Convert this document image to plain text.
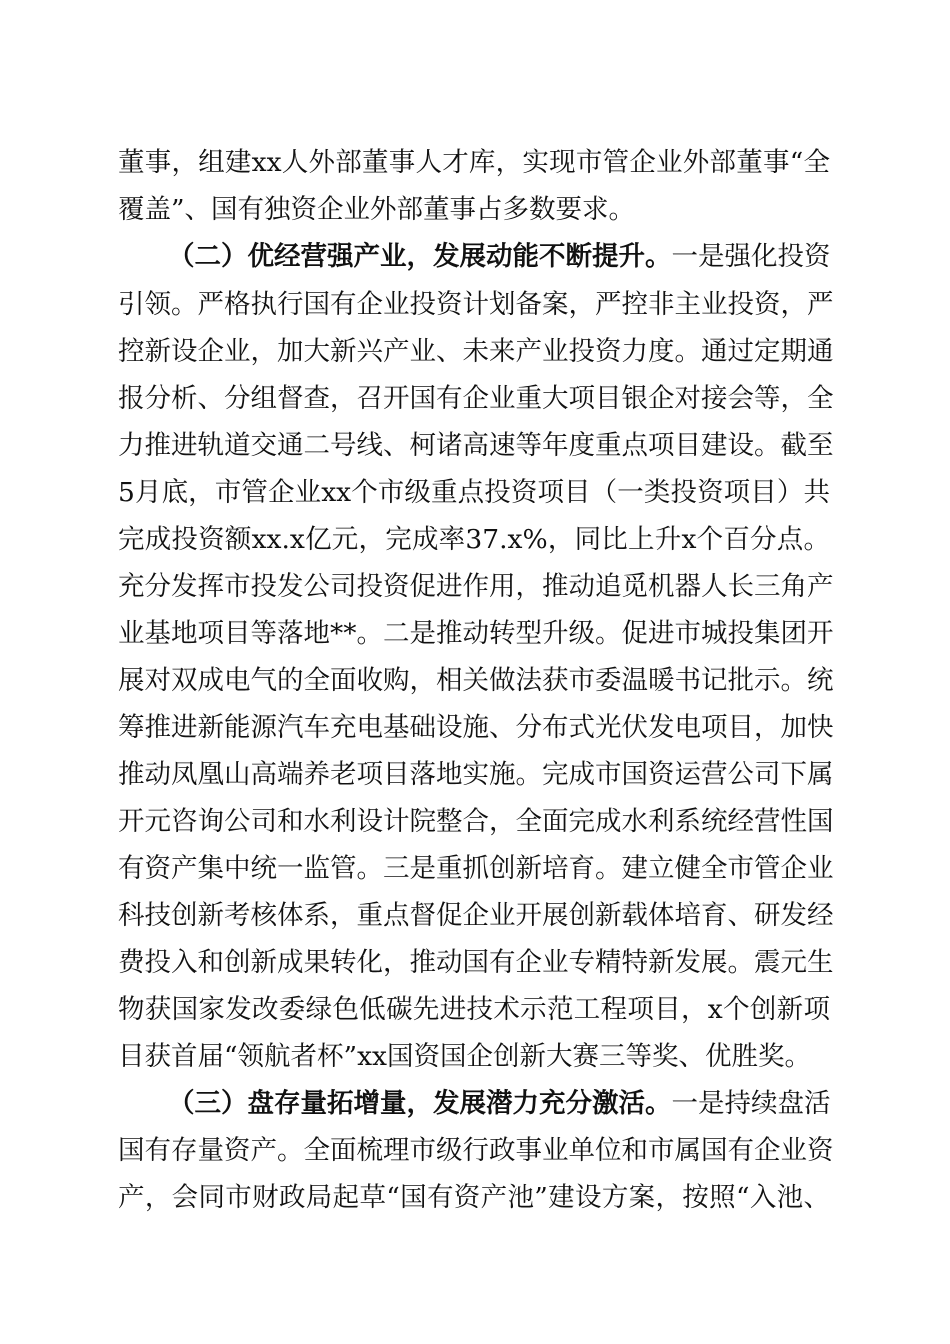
董事，组建xx人外部董事人才库，实现市管企业外部董事“全
覆盖”、国有独资企业外部董事占多数要求。
（二）优经营强产业，发展动能不断提升。一是强化投资
引领。严格执行国有企业投资计划备案，严控非主业投资，严
控新设企业，加大新兴产业、未来产业投资力度。通过定期通
报分析、分组督查，召开国有企业重大项目银企对接会等，全
力推进轨道交通二号线、柯诸高速等年度重点项目建设。截至
5月底，市管企业xx个市级重点投资项目（一类投资项目）共
完成投资额xx.x亿元，完成率37.x%，同比上升x个百分点。
充分发挥市投发公司投资促进作用，推动追觅机器人长三角产
业基地项目等落地**。二是推动转型升级。促进市城投集团开
展对双成电气的全面收购，相关做法获市委温暖书记批示。统
筹推进新能源汽车充电基础设施、分布式光伏发电项目，加快
推动凤凰山高端养老项目落地实施。完成市国资运营公司下属
开元咨询公司和水利设计院整合，全面完成水利系统经营性国
有资产集中统一监管。三是重抓创新培育。建立健全市管企业
科技创新考核体系，重点督促企业开展创新载体培育、研发经
费投入和创新成果转化，推动国有企业专精特新发展。震元生
物获国家发改委绿色低碳先进技术示范工程项目，x个创新项
目获首届“领航者杯”xx国资国企创新大赛三等奖、优胜奖。
（三）盘存量拓增量，发展潜力充分激活。一是持续盘活
国有存量资产。全面梳理市级行政事业单位和市属国有企业资
产，会同市财政局起草“国有资产池”建设方案，按照“入池、
